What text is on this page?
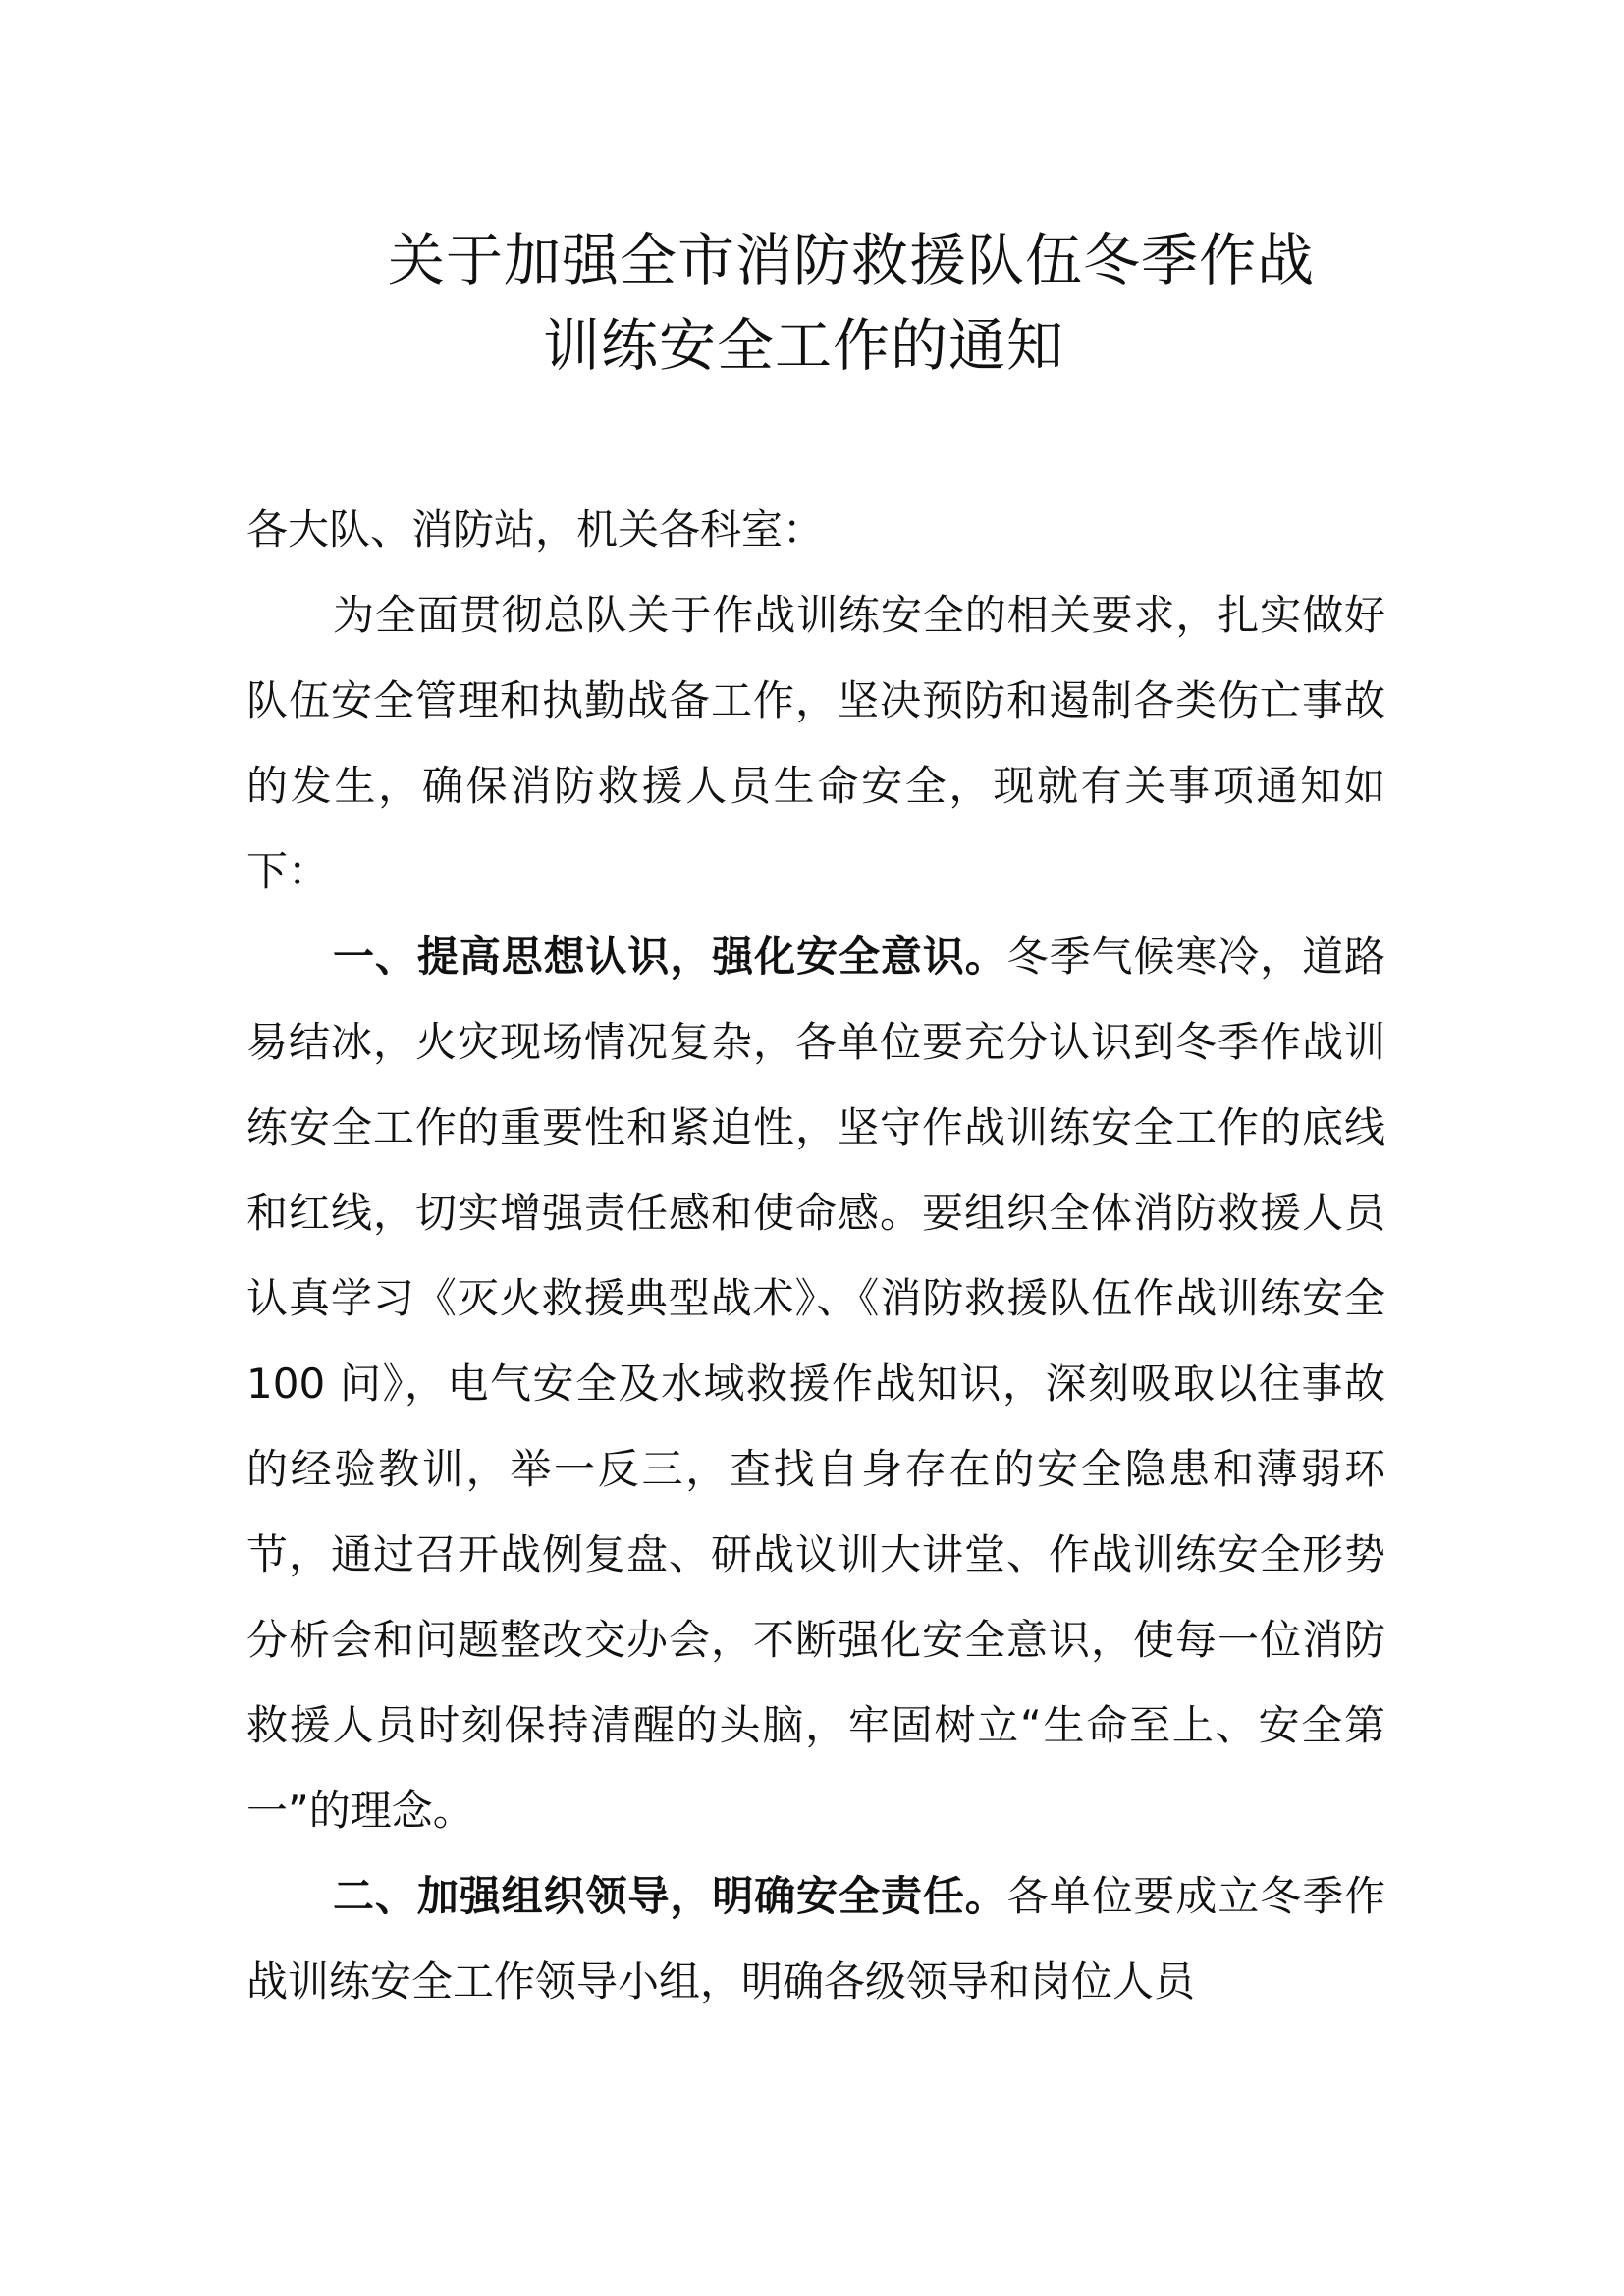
关于加强全市消防救援队伍冬季作战
训练安全工作的通知

各大队、消防站，机关各科室：

为全面贯彻总队关于作战训练安全的相关要求，扎实做好队伍安全管理和执勤战备工作，坚决预防和遏制各类伤亡事故的发生，确保消防救援人员生命安全，现就有关事项通知如下：

一、提高思想认识，强化安全意识。冬季气候寒冷，道路易结冰，火灾现场情况复杂，各单位要充分认识到冬季作战训练安全工作的重要性和紧迫性，坚守作战训练安全工作的底线和红线，切实增强责任感和使命感。要组织全体消防救援人员认真学习《灭火救援典型战术》、《消防救援队伍作战训练安全 100 问》，电气安全及水域救援作战知识，深刻吸取以往事故的经验教训，举一反三，查找自身存在的安全隐患和薄弱环节，通过召开战例复盘、研战议训大讲堂、作战训练安全形势分析会和问题整改交办会，不断强化安全意识，使每一位消防救援人员时刻保持清醒的头脑，牢固树立“生命至上、安全第一”的理念。

二、加强组织领导，明确安全责任。各单位要成立冬季作战训练安全工作领导小组，明确各级领导和岗位人员
